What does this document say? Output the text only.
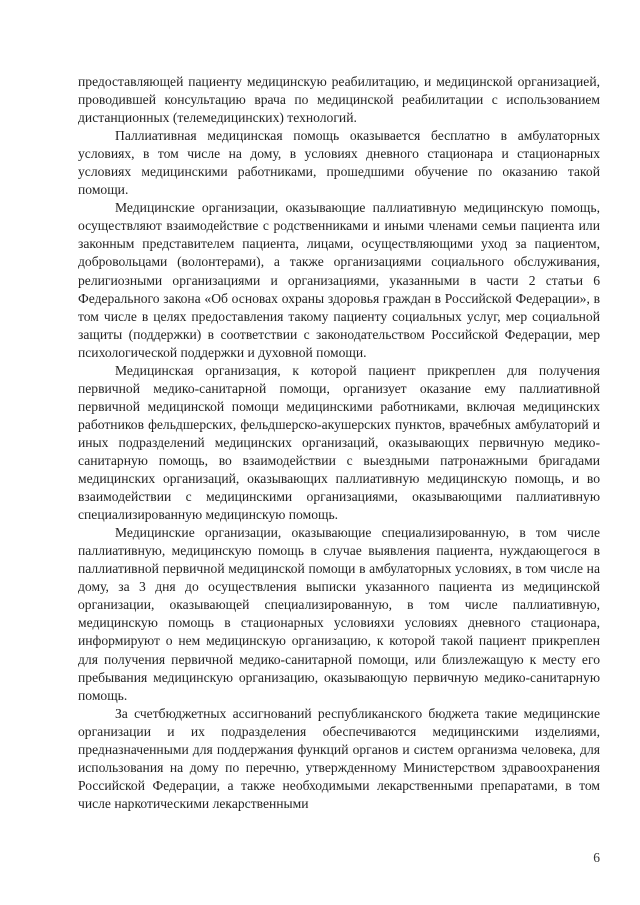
предоставляющей пациенту медицинскую реабилитацию, и медицинской организацией, проводившей консультацию врача по медицинской реабилитации с использованием дистанционных (телемедицинских) технологий.

Паллиативная медицинская помощь оказывается бесплатно в амбулаторных условиях, в том числе на дому, в условиях дневного стационара и стационарных условиях медицинскими работниками, прошедшими обучение по оказанию такой помощи.

Медицинские организации, оказывающие паллиативную медицинскую помощь, осуществляют взаимодействие с родственниками и иными членами семьи пациента или законным представителем пациента, лицами, осуществляющими уход за пациентом, добровольцами (волонтерами), а также организациями социального обслуживания, религиозными организациями и организациями, указанными в части 2 статьи 6 Федерального закона «Об основах охраны здоровья граждан в Российской Федерации», в том числе в целях предоставления такому пациенту социальных услуг, мер социальной защиты (поддержки) в соответствии с законодательством Российской Федерации, мер психологической поддержки и духовной помощи.

Медицинская организация, к которой пациент прикреплен для получения первичной медико-санитарной помощи, организует оказание ему паллиативной первичной медицинской помощи медицинскими работниками, включая медицинских работников фельдшерских, фельдшерско-акушерских пунктов, врачебных амбулаторий и иных подразделений медицинских организаций, оказывающих первичную медико-санитарную помощь, во взаимодействии с выездными патронажными бригадами медицинских организаций, оказывающих паллиативную медицинскую помощь, и во взаимодействии с медицинскими организациями, оказывающими паллиативную специализированную медицинскую помощь.

Медицинские организации, оказывающие специализированную, в том числе паллиативную, медицинскую помощь в случае выявления пациента, нуждающегося в паллиативной первичной медицинской помощи в амбулаторных условиях, в том числе на дому, за 3 дня до осуществления выписки указанного пациента из медицинской организации, оказывающей специализированную, в том числе паллиативную, медицинскую помощь в стационарных условияхи условиях дневного стационара, информируют о нем медицинскую организацию, к которой такой пациент прикреплен для получения первичной медико-санитарной помощи, или близлежащую к месту его пребывания медицинскую организацию, оказывающую первичную медико-санитарную помощь.

За счетбюджетных ассигнований республиканского бюджета такие медицинские организации и их подразделения обеспечиваются медицинскими изделиями, предназначенными для поддержания функций органов и систем организма человека, для использования на дому по перечню, утвержденному Министерством здравоохранения Российской Федерации, а также необходимыми лекарственными препаратами, в том числе наркотическими лекарственными

6
